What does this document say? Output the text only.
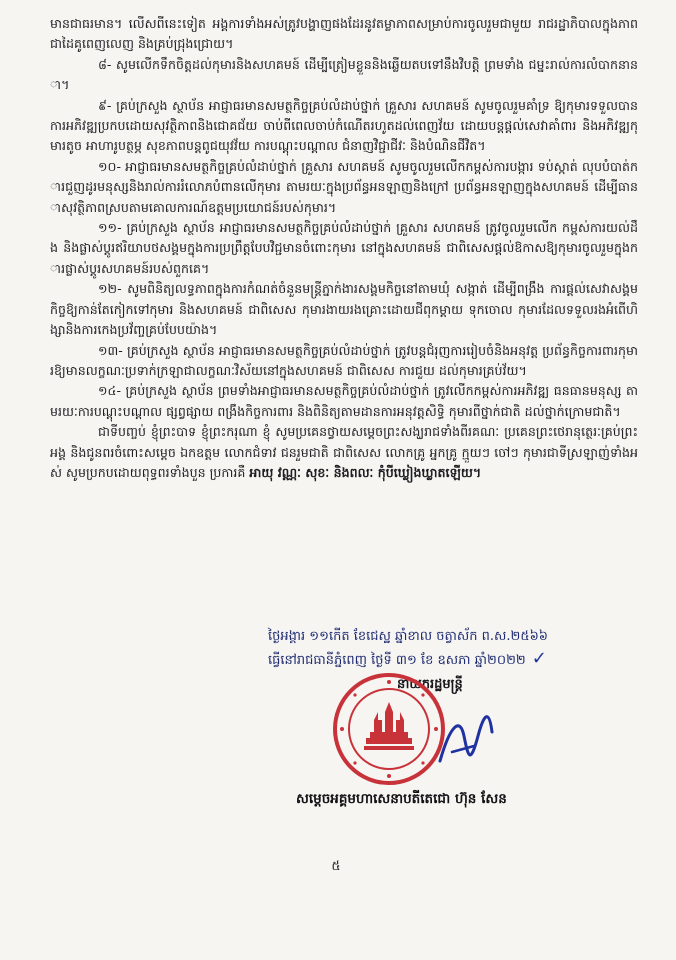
មានជាធរមាន។ លើសពីនេះទៀត អង្គការទាំងអស់ត្រូវបង្ហាញផងដែរនូវតម្លាភាពសម្រាប់ការចូលរួមជាមួយ រាជរដ្ឋាភិបាលក្នុងភាពជាដៃគូពេញលេញ និងគ្រប់ជ្រុងជ្រោយ។

៨- សូមលើកទឹកចិត្តដល់កុមារនិងសហគមន៍ ដើម្បីត្រៀមខ្លួននិងឆ្លើយតបទៅនឹងវិបត្តិ ព្រមទាំង ជម្នះរាល់ការលំបាកនានា។

៩- គ្រប់ក្រសួង ស្ថាប័ន អាជ្ញាធរមានសមត្ថកិច្ចគ្រប់លំដាប់ថ្នាក់ គ្រួសារ សហគមន៍ សូមចូលរួមគាំទ្រ ឱ្យកុមារទទួលបានការអភិវឌ្ឍប្រកបដោយសុវត្ថិភាពនិងជោគជ័យ ចាប់ពីពេលចាប់កំណើតរហូតដល់ពេញវ័យ ដោយបន្តផ្តល់សេវាគាំពារ និងអភិវឌ្ឍកុមារតូច អាហារូបត្ថម្ភ សុខភាពបន្តពូជយុវវ័យ ការបណ្តុះបណ្តាល ជំនាញវិជ្ជាជីវៈ និងបំណិនជីវិត។

១០- អាជ្ញាធរមានសមត្ថកិច្ចគ្រប់លំដាប់ថ្នាក់ គ្រួសារ សហគមន៍ សូមចូលរួមលើកកម្ពស់ការបង្ការ ទប់ស្កាត់ លុបបំបាត់ការជួញដូរមនុស្សនិងរាល់ការរំលោភបំពានលើកុមារ តាមរយៈក្នុងប្រព័ន្ធអនឡាញនិងក្រៅ ប្រព័ន្ធអនឡាញក្នុងសហគមន៍ ដើម្បីធានាសុវត្ថិភាពស្របតាមគោលការណ៍ឧត្តមប្រយោជន៍របស់កុមារ។

១១- គ្រប់ក្រសួង ស្ថាប័ន អាជ្ញាធរមានសមត្ថកិច្ចគ្រប់លំដាប់ថ្នាក់ គ្រួសារ សហគមន៍ ត្រូវចូលរួមលើក កម្ពស់ការយល់ដឹង និងផ្លាស់ប្តូរឥរិយាបថសង្គមក្នុងការប្រព្រឹត្តបែបវិជ្ជមានចំពោះកុមារ នៅក្នុងសហគមន៍ ជាពិសេសផ្តល់ឱកាសឱ្យកុមារចូលរួមក្នុងការផ្លាស់ប្តូរសហគមន៍របស់ពួកគេ។

១២- សូមពិនិត្យលទ្ធភាពក្នុងការកំណត់ចំនួនមន្ត្រីភ្នាក់ងារសង្គមកិច្ចនៅតាមឃុំ សង្កាត់ ដើម្បីពង្រឹង ការផ្តល់សេវាសង្គមកិច្ចឱ្យកាន់តែកៀកទៅកុមារ និងសហគមន៍ ជាពិសេស កុមារងាយរងគ្រោះដោយជីពុកម្តាយ ទុកចោល កុមារដែលទទួលរងអំពើហិង្សានិងការកេងប្រវ័ញ្ចគ្រប់បែបយ៉ាង។

១៣- គ្រប់ក្រសួង ស្ថាប័ន អាជ្ញាធរមានសមត្ថកិច្ចគ្រប់លំដាប់ថ្នាក់ ត្រូវបន្តជំរុញការរៀបចំនិងអនុវត្ត ប្រព័ន្ធកិច្ចការពារកុមារឱ្យមានលក្ខណៈប្រទាក់ក្រឡាជាលក្ខណៈវិស័យនៅក្នុងសហគមន៍ ជាពិសេស ការជួយ ដល់កុមារគ្រប់វ័យ។

១៤- គ្រប់ក្រសួង ស្ថាប័ន ព្រមទាំងអាជ្ញាធរមានសមត្ថកិច្ចគ្រប់លំដាប់ថ្នាក់ ត្រូវលើកកម្ពស់ការអភិវឌ្ឍ ធនធានមនុស្ស តាមរយៈការបណ្តុះបណ្តាល ផ្សព្វផ្សាយ ពង្រឹងកិច្ចការពារ និងពិនិត្យតាមដានការអនុវត្តសិទ្ធិ កុមារពីថ្នាក់ជាតិ ដល់ថ្នាក់ក្រោមជាតិ។

ជាទីបញ្ចប់ ខ្ញុំព្រះបាទ ខ្ញុំព្រះករុណា ខ្ញុំ សូមប្រគេនថ្វាយសម្តេចព្រះសង្ឃរាជទាំងពីរគណៈ ប្រគេនព្រះថេរានុត្ថេរៈគ្រប់ព្រះអង្គ និងជូនពរចំពោះសម្តេច ឯកឧត្តម លោកជំទាវ ជនរួមជាតិ ជាពិសេស លោកគ្រូ អ្នកគ្រូ ក្មួយៗ ចៅៗ កុមារជាទីស្រឡាញ់ទាំងអស់ សូមប្រកបដោយពុទ្ធពរទាំងបួន ប្រការគឺ អាយុ វណ្ណៈ សុខៈ និងពលៈ កុំបីឃ្លៀងឃ្លាតឡើយ។

ថ្ងៃអង្គារ ១១កើត ខែជេស្ឋ ឆ្នាំខាល ចត្វាស័ក ព.ស.២៥៦៦
ធ្វើនៅរាជធានីភ្នំពេញ ថ្ងៃទី ៣១ ខែ ឧសភា ឆ្នាំ២០២២ ✓
នាយករដ្ឋមន្ត្រី
សម្តេចអគ្គមហាសេនាបតីតេជោ ហ៊ុន សែន
៥
